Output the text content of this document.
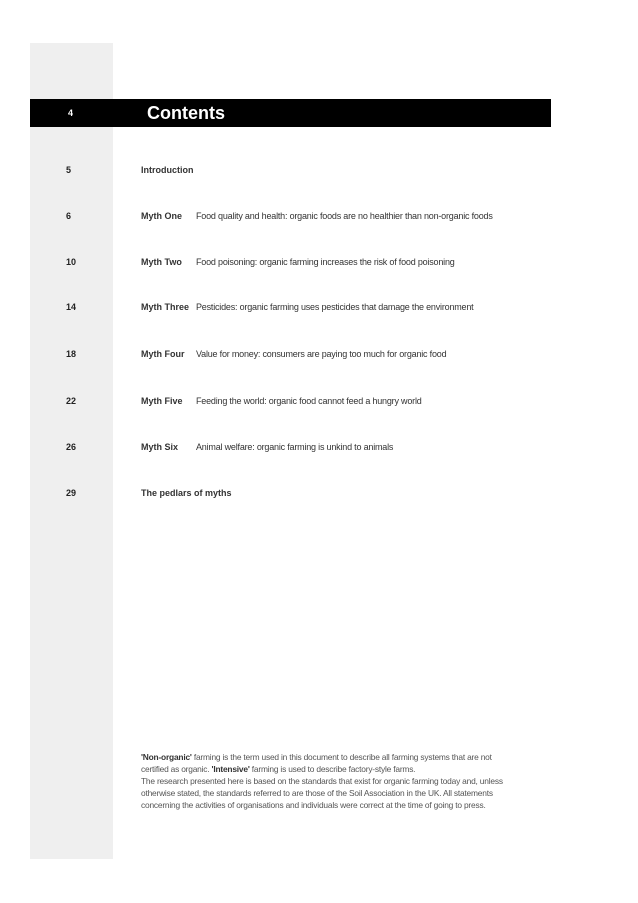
4	Contents
5	Introduction
6	Myth One Food quality and health: organic foods are no healthier than non-organic foods
10	Myth Two Food poisoning: organic farming increases the risk of food poisoning
14	Myth Three Pesticides: organic farming uses pesticides that damage the environment
18	Myth Four Value for money: consumers are paying too much for organic food
22	Myth Five Feeding the world: organic food cannot feed a hungry world
26	Myth Six Animal welfare: organic farming is unkind to animals
29	The pedlars of myths
'Non-organic' farming is the term used in this document to describe all farming systems that are not
certified as organic. 'Intensive' farming is used to describe factory-style farms.
The research presented here is based on the standards that exist for organic farming today and, unless
otherwise stated, the standards referred to are those of the Soil Association in the UK. All statements
concerning the activities of organisations and individuals were correct at the time of going to press.
